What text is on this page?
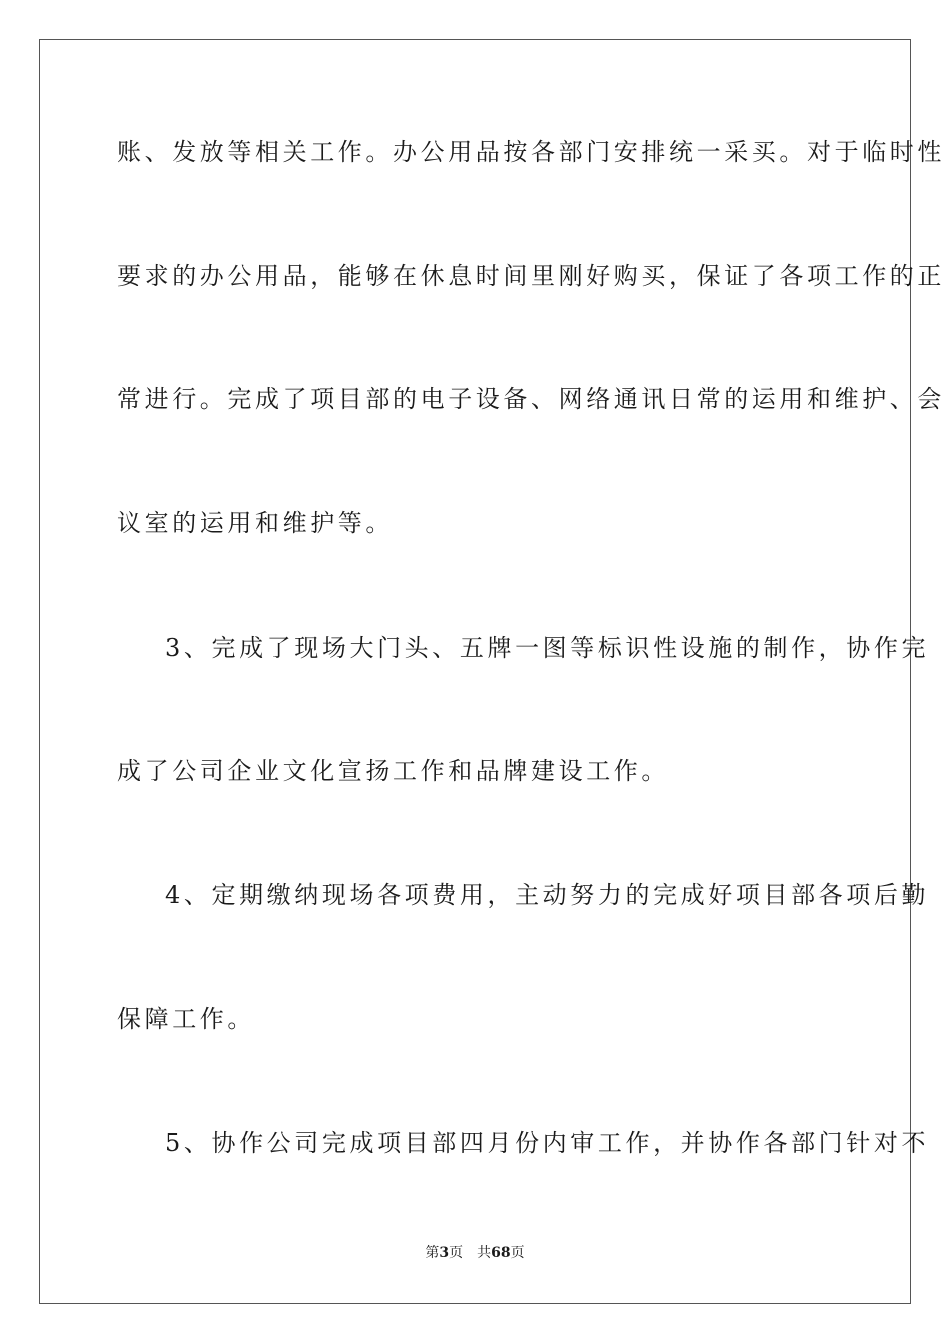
账、发放等相关工作。办公用品按各部门安排统一采买。对于临时性
要求的办公用品，能够在休息时间里刚好购买，保证了各项工作的正
常进行。完成了项目部的电子设备、网络通讯日常的运用和维护、会
议室的运用和维护等。
3、完成了现场大门头、五牌一图等标识性设施的制作，协作完
成了公司企业文化宣扬工作和品牌建设工作。
4、定期缴纳现场各项费用，主动努力的完成好项目部各项后勤
保障工作。
5、协作公司完成项目部四月份内审工作，并协作各部门针对不
第3页 共68页
